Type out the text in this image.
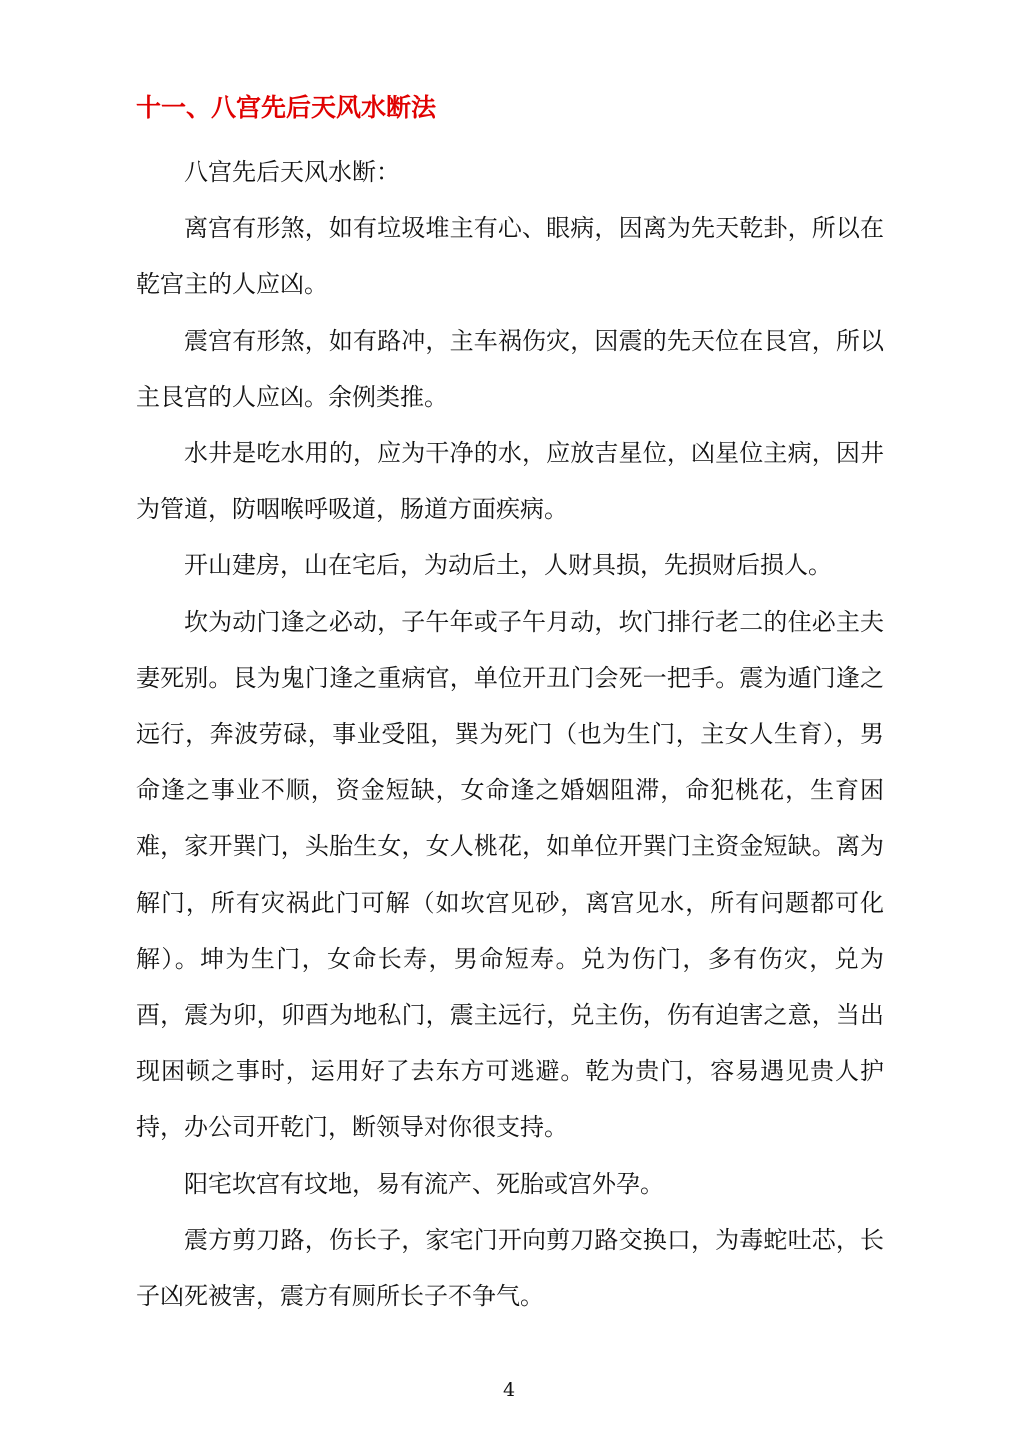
十一、八宫先后天风水断法

八宫先后天风水断：

离宫有形煞，如有垃圾堆主有心、眼病，因离为先天乾卦，所以在乾宫主的人应凶。

震宫有形煞，如有路冲，主车祸伤灾，因震的先天位在艮宫，所以主艮宫的人应凶。余例类推。

水井是吃水用的，应为干净的水，应放吉星位，凶星位主病，因井为管道，防咽喉呼吸道，肠道方面疾病。

开山建房，山在宅后，为动后土，人财具损，先损财后损人。

坎为动门逢之必动，子午年或子午月动，坎门排行老二的住必主夫妻死别。艮为鬼门逢之重病官，单位开丑门会死一把手。震为遁门逢之远行，奔波劳碌，事业受阻，巽为死门（也为生门，主女人生育），男命逢之事业不顺，资金短缺，女命逢之婚姻阻滞，命犯桃花，生育困难，家开巽门，头胎生女，女人桃花，如单位开巽门主资金短缺。离为解门，所有灾祸此门可解（如坎宫见砂，离宫见水，所有问题都可化解）。坤为生门，女命长寿，男命短寿。兑为伤门，多有伤灾，兑为酉，震为卯，卯酉为地私门，震主远行，兑主伤，伤有迫害之意，当出现困顿之事时，运用好了去东方可逃避。乾为贵门，容易遇见贵人护持，办公司开乾门，断领导对你很支持。

阳宅坎宫有坟地，易有流产、死胎或宫外孕。

震方剪刀路，伤长子，家宅门开向剪刀路交换口，为毒蛇吐芯，长子凶死被害，震方有厕所长子不争气。

4
